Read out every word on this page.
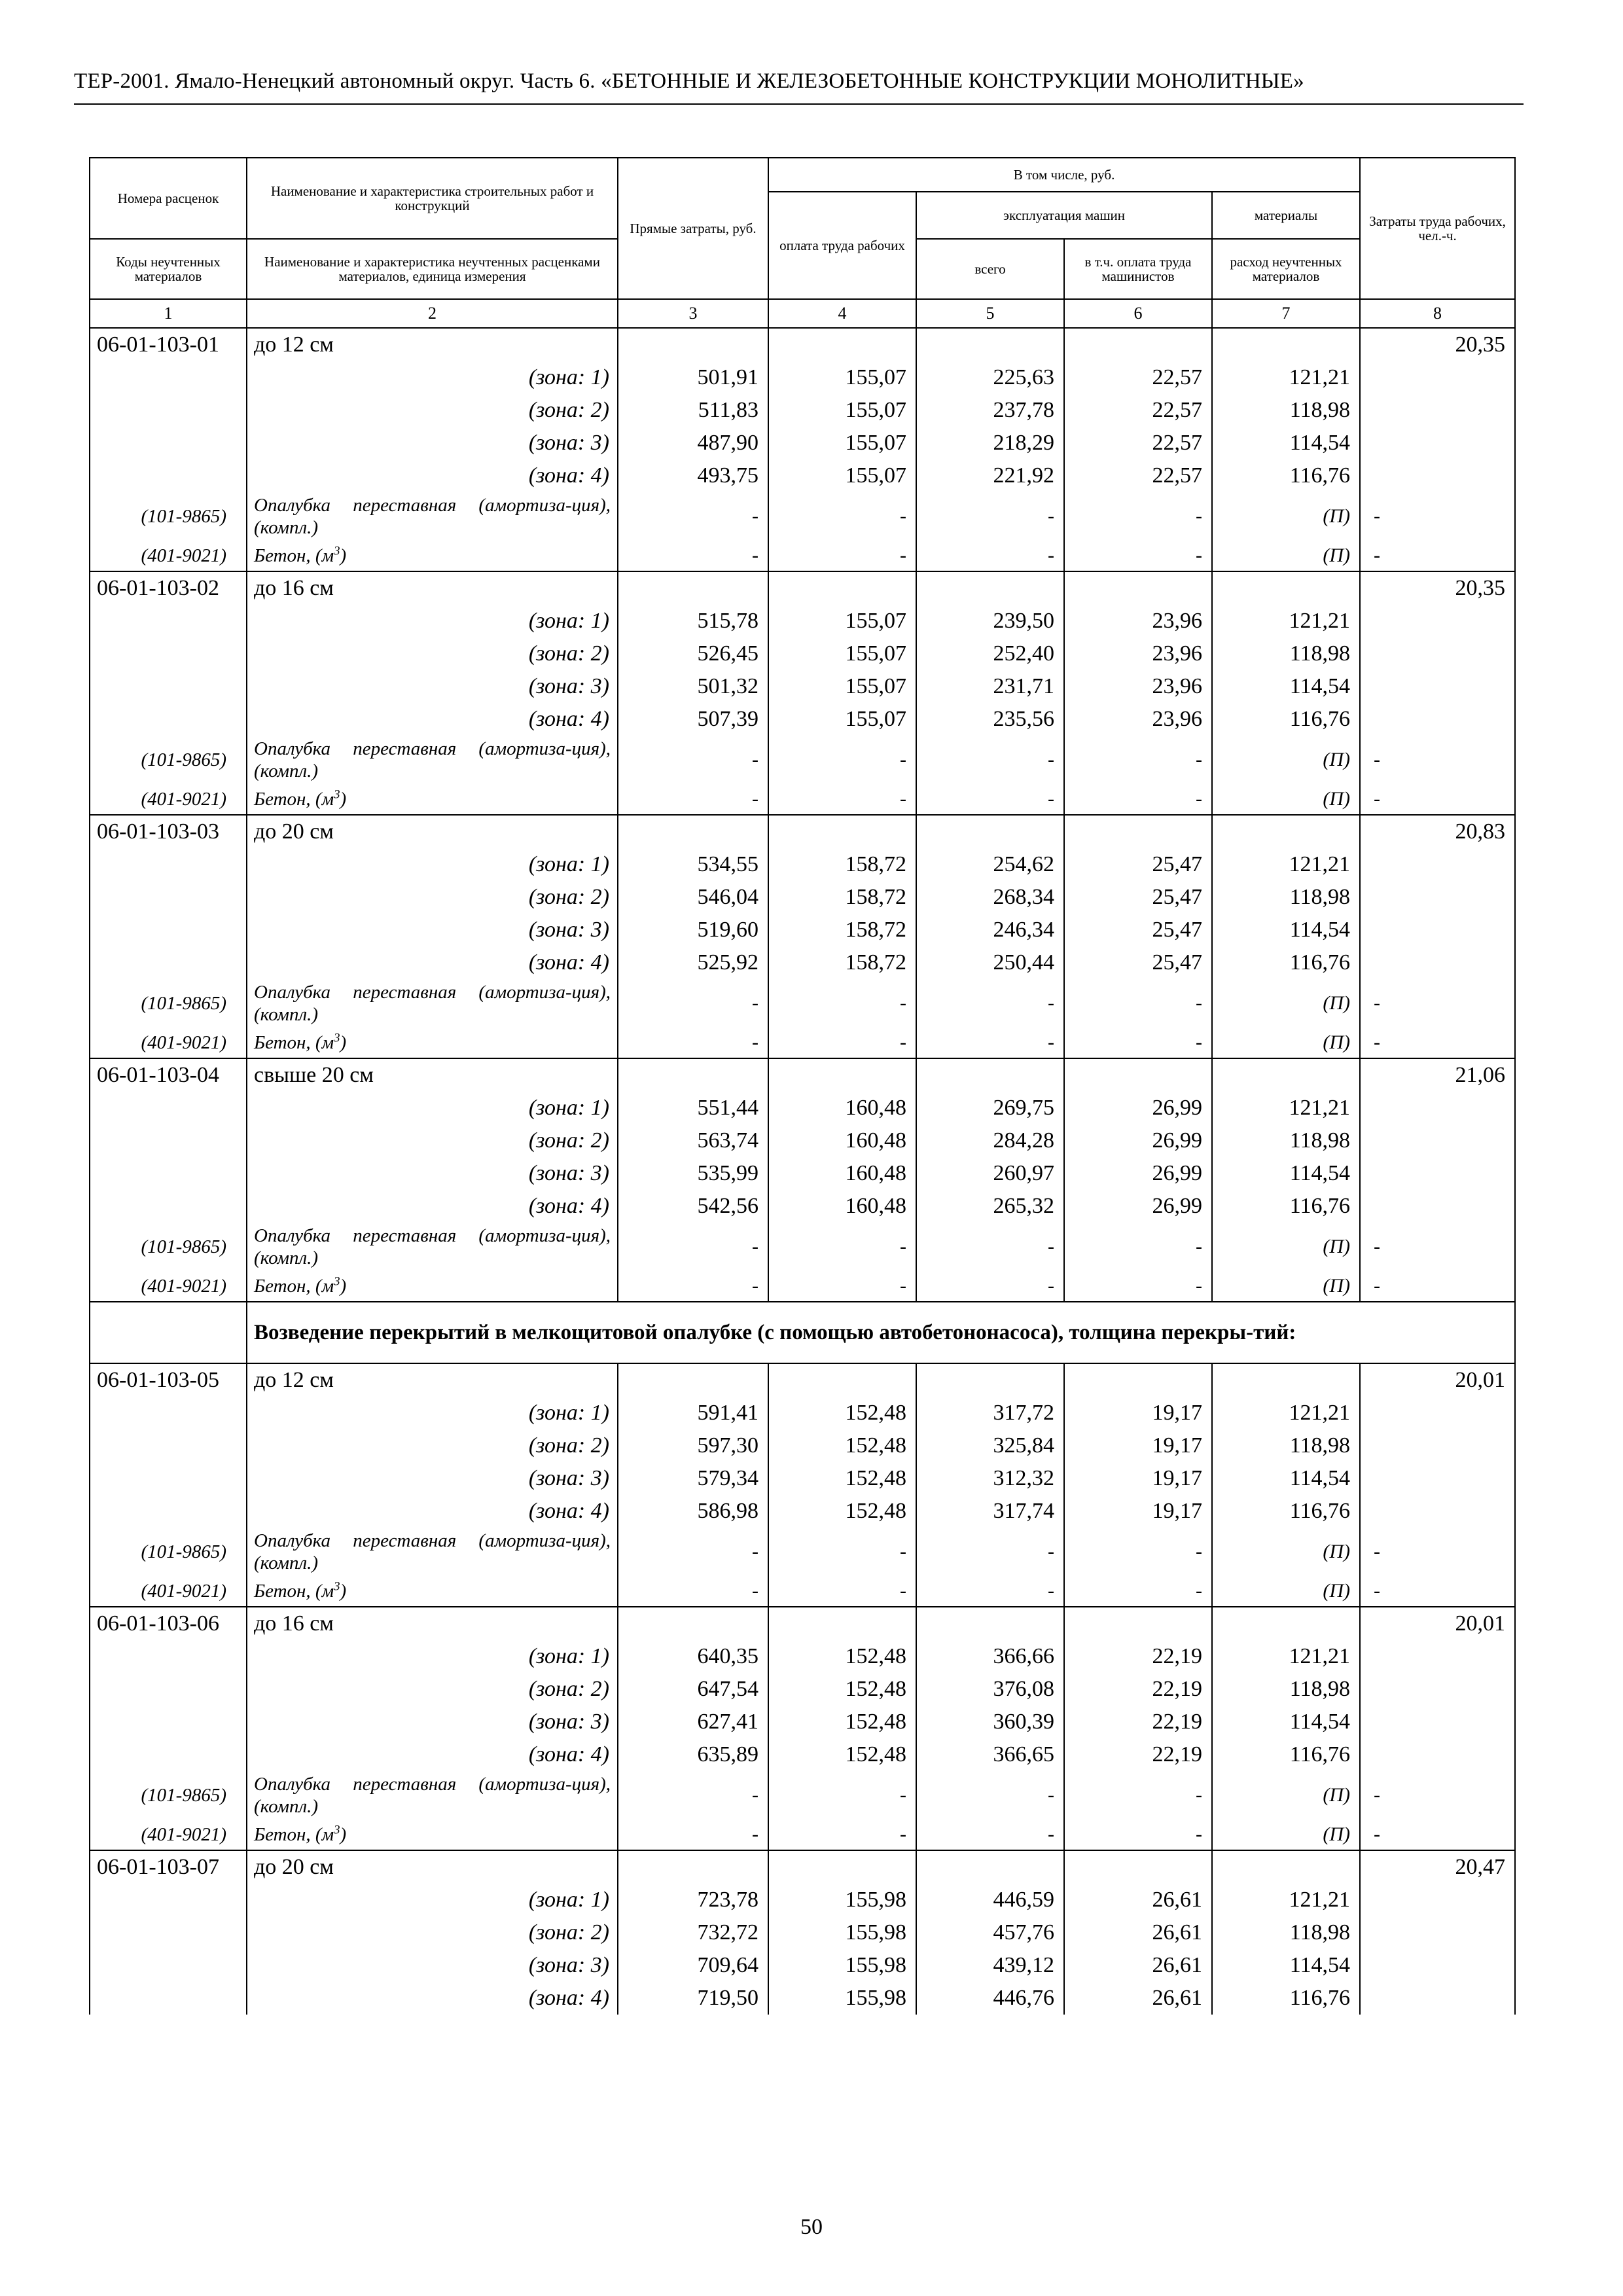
ТЕР-2001. Ямало-Ненецкий автономный округ. Часть 6. «БЕТОННЫЕ И ЖЕЛЕЗОБЕТОННЫЕ КОНСТРУКЦИИ МОНОЛИТНЫЕ»
Номера расценок	Наименование и характеристика строительных работ и конструкций	Прямые затраты, руб.	В том числе, руб.				Затраты труда рабочих, чел.-ч.
			оплата труда рабочих	эксплуатация машин		материалы	
Коды неучтенных материалов	Наименование и характеристика неучтенных расценками материалов, единица измерения			всего	в т.ч. оплата труда машинистов	расход неучтенных материалов	
1	2	3	4	5	6	7	8
06-01-103-01	до 12 см						20,35
	(зона: 1)	501,91	155,07	225,63	22,57	121,21	
	(зона: 2)	511,83	155,07	237,78	22,57	118,98	
	(зона: 3)	487,90	155,07	218,29	22,57	114,54	
	(зона: 4)	493,75	155,07	221,92	22,57	116,76	
(101-9865)	Опалубка переставная (амортиза-ция), (компл.)	-	-	-	-	(П)	-
(401-9021)	Бетон, $(м^3)$	-	-	-	-	(П)	-
06-01-103-02	до 16 см						20,35
	(зона: 1)	515,78	155,07	239,50	23,96	121,21	
	(зона: 2)	526,45	155,07	252,40	23,96	118,98	
	(зона: 3)	501,32	155,07	231,71	23,96	114,54	
	(зона: 4)	507,39	155,07	235,56	23,96	116,76	
(101-9865)	Опалубка переставная (амортиза-ция), (компл.)	-	-	-	-	(П)	-
(401-9021)	Бетон, $(м^3)$	-	-	-	-	(П)	-
06-01-103-03	до 20 см						20,83
	(зона: 1)	534,55	158,72	254,62	25,47	121,21	
	(зона: 2)	546,04	158,72	268,34	25,47	118,98	
	(зона: 3)	519,60	158,72	246,34	25,47	114,54	
	(зона: 4)	525,92	158,72	250,44	25,47	116,76	
(101-9865)	Опалубка переставная (амортиза-ция), (компл.)	-	-	-	-	(П)	-
(401-9021)	Бетон, $(м^3)$	-	-	-	-	(П)	-
06-01-103-04	свыше 20 см						21,06
	(зона: 1)	551,44	160,48	269,75	26,99	121,21	
	(зона: 2)	563,74	160,48	284,28	26,99	118,98	
	(зона: 3)	535,99	160,48	260,97	26,99	114,54	
	(зона: 4)	542,56	160,48	265,32	26,99	116,76	
(101-9865)	Опалубка переставная (амортиза-ция), (компл.)	-	-	-	-	(П)	-
(401-9021)	Бетон, $(м^3)$	-	-	-	-	(П)	-
	Возведение перекрытий в мелкощитовой опалубке (с помощью автобетононасоса), толщина перекры-тий:						
06-01-103-05	до 12 см						20,01
	(зона: 1)	591,41	152,48	317,72	19,17	121,21	
	(зона: 2)	597,30	152,48	325,84	19,17	118,98	
	(зона: 3)	579,34	152,48	312,32	19,17	114,54	
	(зона: 4)	586,98	152,48	317,74	19,17	116,76	
(101-9865)	Опалубка переставная (амортиза-ция), (компл.)	-	-	-	-	(П)	-
(401-9021)	Бетон, $(м^3)$	-	-	-	-	(П)	-
06-01-103-06	до 16 см						20,01
	(зона: 1)	640,35	152,48	366,66	22,19	121,21	
	(зона: 2)	647,54	152,48	376,08	22,19	118,98	
	(зона: 3)	627,41	152,48	360,39	22,19	114,54	
	(зона: 4)	635,89	152,48	366,65	22,19	116,76	
(101-9865)	Опалубка переставная (амортиза-ция), (компл.)	-	-	-	-	(П)	-
(401-9021)	Бетон, $(м^3)$	-	-	-	-	(П)	-
06-01-103-07	до 20 см						20,47
	(зона: 1)	723,78	155,98	446,59	26,61	121,21	
	(зона: 2)	732,72	155,98	457,76	26,61	118,98	
	(зона: 3)	709,64	155,98	439,12	26,61	114,54	
	(зона: 4)	719,50	155,98	446,76	26,61	116,76	
50
